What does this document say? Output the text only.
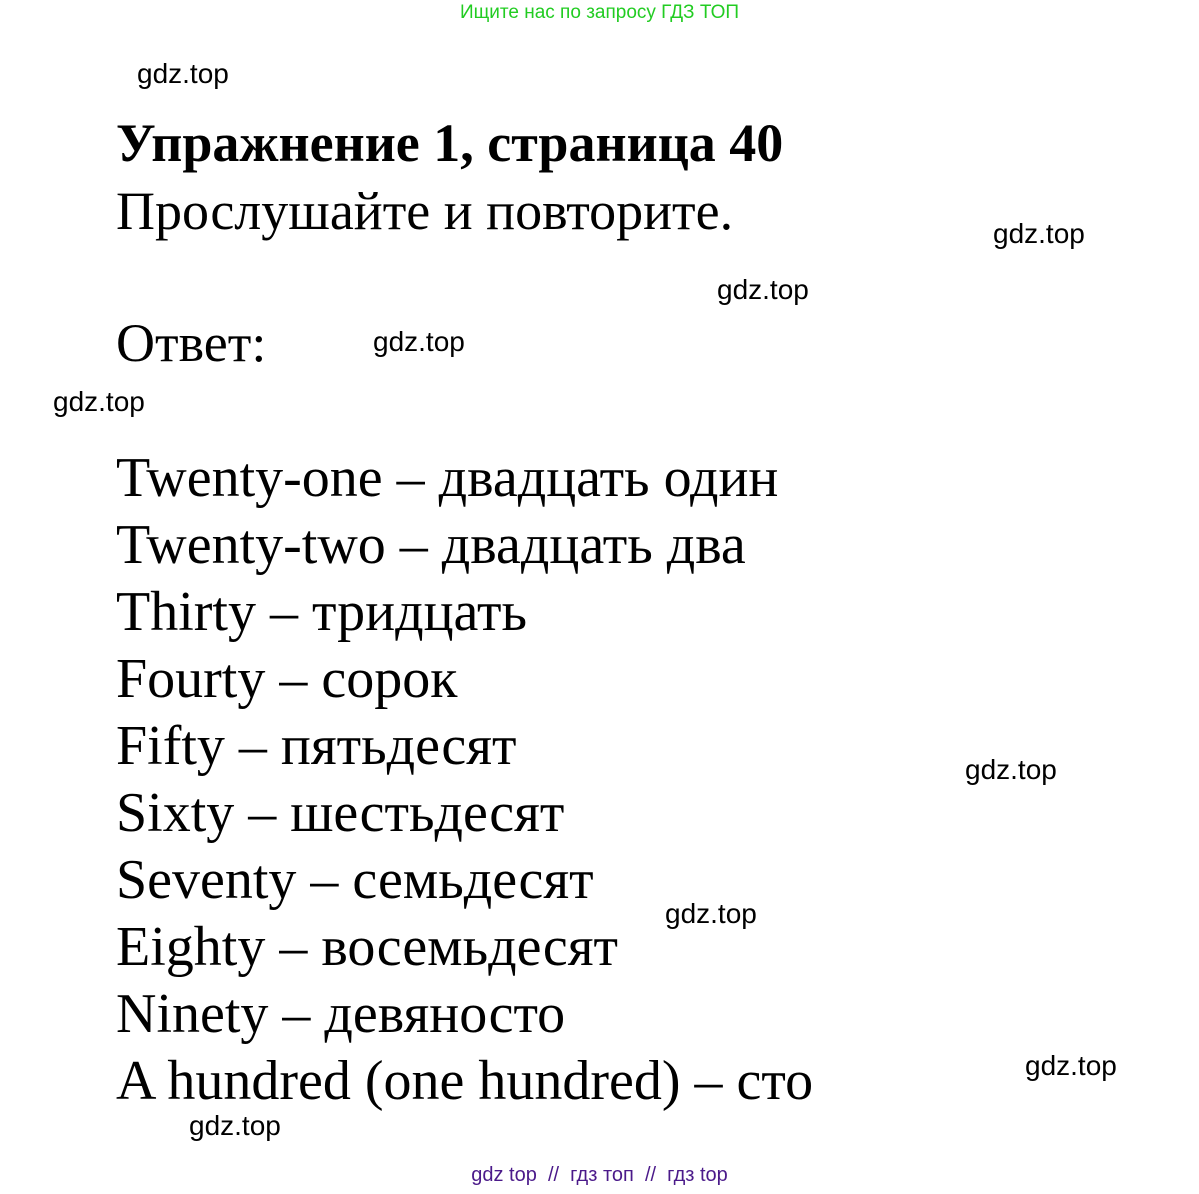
Ищите нас по запросу ГДЗ ТОП
gdz.top
gdz.top
gdz.top
gdz.top
gdz.top
gdz.top
gdz.top
gdz.top
gdz.top
Упражнение 1, страница 40
Прослушайте и повторите.
Ответ:
Twenty-one – двадцать один
Twenty-two – двадцать два
Thirty – тридцать
Fourty – сорок
Fifty – пятьдесят
Sixty – шестьдесят
Seventy – семьдесят
Eighty – восемьдесят
Ninety – девяносто
A hundred (one hundred) – сто
gdz top  //  гдз топ  //  гдз top
